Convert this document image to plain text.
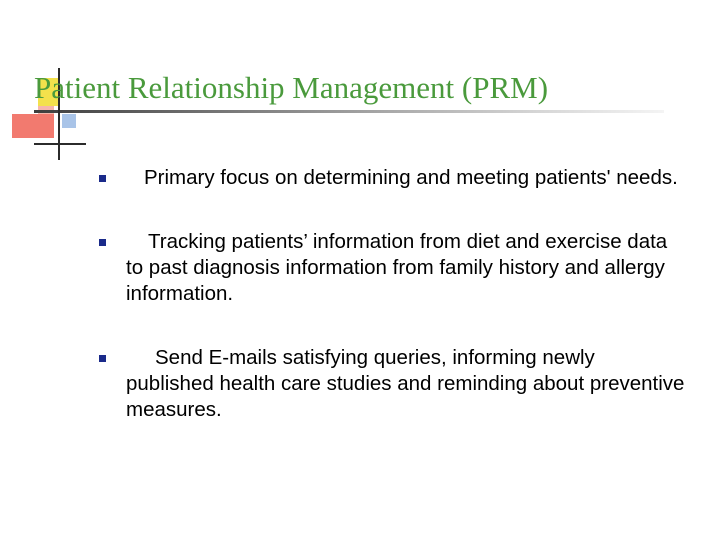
Patient Relationship Management (PRM)
Primary focus on determining and meeting patients' needs.
Tracking patients’ information from diet and exercise data to past diagnosis information from family history and allergy information.
Send E-mails satisfying queries, informing newly published health care studies and reminding about preventive measures.
